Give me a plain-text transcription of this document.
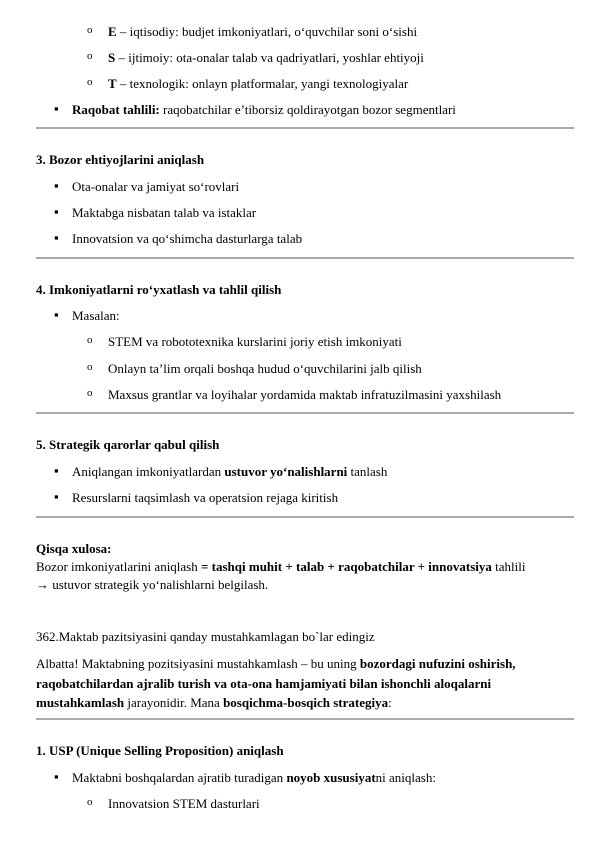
o E – iqtisodiy: budjet imkoniyatlari, o‘quvchilar soni o‘sishi
o S – ijtimoiy: ota-onalar talab va qadriyatlari, yoshlar ehtiyoji
o T – texnologik: onlayn platformalar, yangi texnologiyalar
▪ Raqobat tahlili: raqobatchilar e’tiborsiz qoldirayotgan bozor segmentlari
3. Bozor ehtiyojlarini aniqlash
▪ Ota-onalar va jamiyat so‘rovlari
▪ Maktabga nisbatan talab va istaklar
▪ Innovatsion va qo‘shimcha dasturlarga talab
4. Imkoniyatlarni ro‘yxatlash va tahlil qilish
▪ Masalan:
o STEM va robototexnika kurslarini joriy etish imkoniyati
o Onlayn ta’lim orqali boshqa hudud o‘quvchilarini jalb qilish
o Maxsus grantlar va loyihalar yordamida maktab infratuzilmasini yaxshilash
5. Strategik qarorlar qabul qilish
▪ Aniqlangan imkoniyatlardan ustuvor yo‘nalishlarni tanlash
▪ Resurslarni taqsimlash va operatsion rejaga kiritish
Qisqa xulosa:
Bozor imkoniyatlarini aniqlash = tashqi muhit + talab + raqobatchilar + innovatsiya tahlili
→ ustuvor strategik yo‘nalishlarni belgilash.
362.Maktab pazitsiyasini qanday mustahkamlagan bo`lar edingiz
Albatta! Maktabning pozitsiyasini mustahkamlash – bu uning bozordagi nufuzini oshirish, raqobatchilardan ajralib turish va ota-ona hamjamiyati bilan ishonchli aloqalarni mustahkamlash jarayonidir. Mana bosqichma-bosqich strategiya:
1. USP (Unique Selling Proposition) aniqlash
▪ Maktabni boshqalardan ajratib turadigan noyob xususiyatni aniqlash:
o Innovatsion STEM dasturlari
